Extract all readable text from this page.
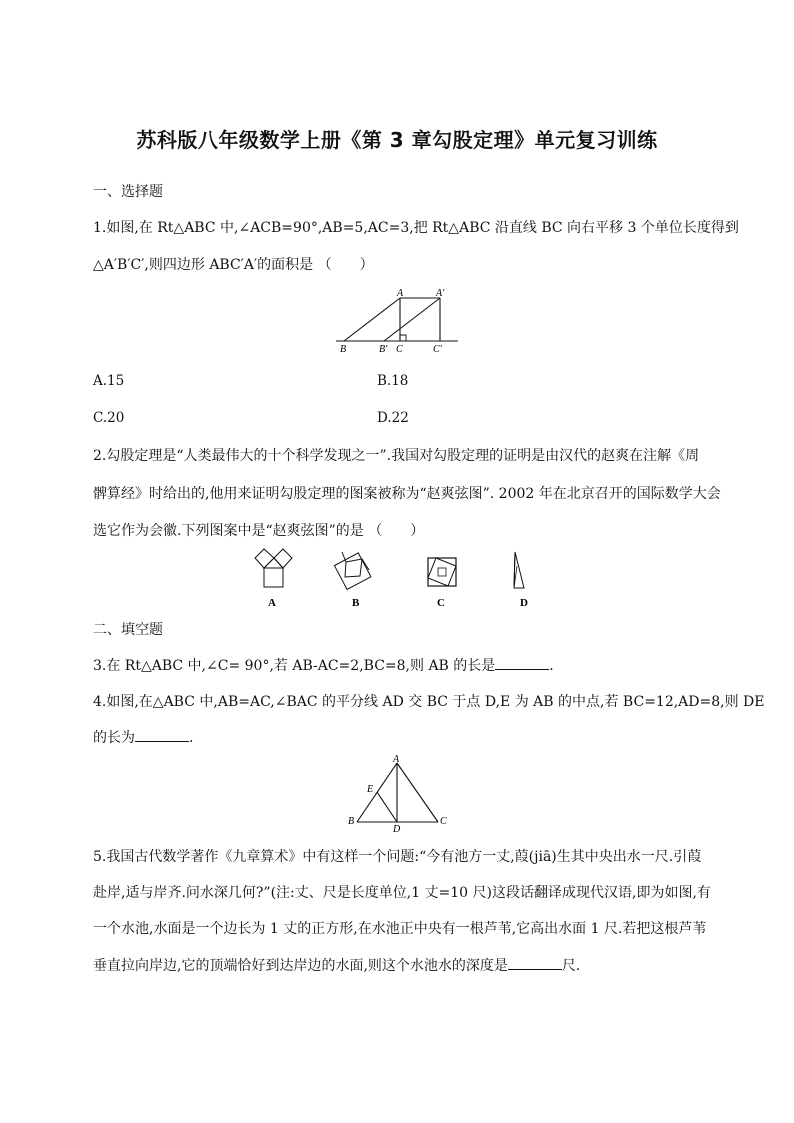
苏科版八年级数学上册《第 3 章勾股定理》单元复习训练
一、选择题
1.如图,在 Rt△ABC 中,∠ACB=90°,AB=5,AC=3,把 Rt△ABC 沿直线 BC 向右平移 3 个单位长度得到
△A′B′C′,则四边形 ABC′A′的面积是 （　　）
A	A′
B	B′ C	C′
A.15	B.18
C.20	D.22
2.勾股定理是“人类最伟大的十个科学发现之一”.我国对勾股定理的证明是由汉代的赵爽在注解《周
髀算经》时给出的,他用来证明勾股定理的图案被称为“赵爽弦图”. 2002 年在北京召开的国际数学大会
选它作为会徽.下列图案中是“赵爽弦图”的是 （　　）
A	B	C	D
二、填空题
3.在 Rt△ABC 中,∠C= 90°,若 AB-AC=2,BC=8,则 AB 的长是	.
4.如图,在△ABC 中,AB=AC,∠BAC 的平分线 AD 交 BC 于点 D,E 为 AB 的中点,若 BC=12,AD=8,则 DE
的长为	.
A
B	C
D
E
5.我国古代数学著作《九章算术》中有这样一个问题:“今有池方一丈,葭(jiā)生其中央出水一尺.引葭
赴岸,适与岸齐.问水深几何?”(注:丈、尺是长度单位,1 丈=10 尺)这段话翻译成现代汉语,即为如图,有
一个水池,水面是一个边长为 1 丈的正方形,在水池正中央有一根芦苇,它高出水面 1 尺.若把这根芦苇
垂直拉向岸边,它的顶端恰好到达岸边的水面,则这个水池水的深度是	尺.
